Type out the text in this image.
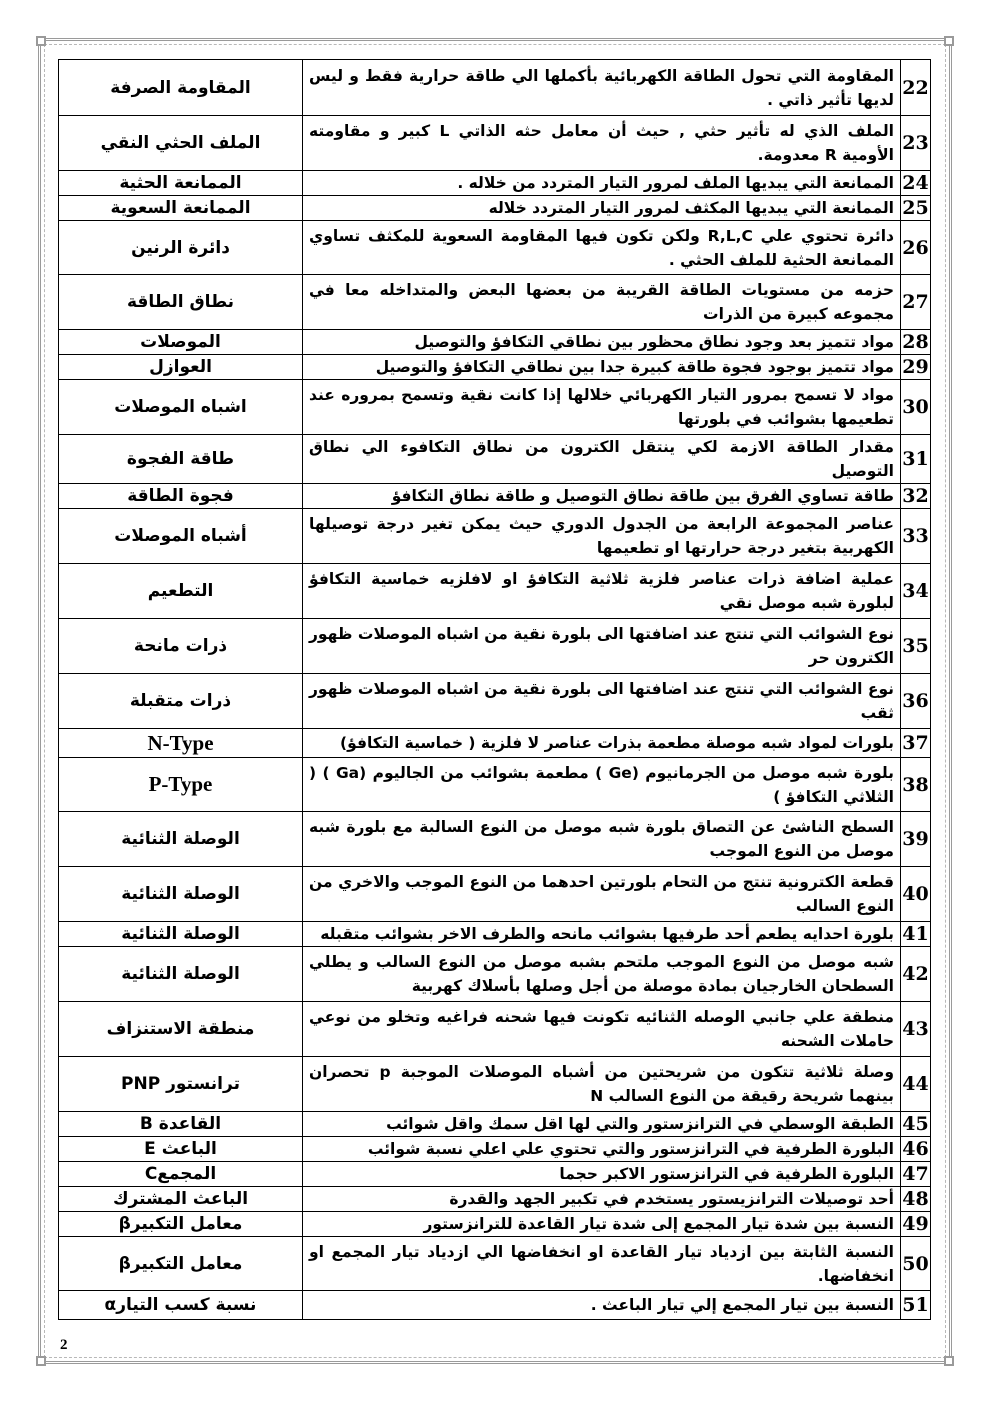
22	المقاومة التي تحول الطاقة الكهربائية بأكملها الي طاقة حرارية فقط و ليس لديها تأثير ذاتي .	المقاومة الصرفة
23	الملف الذي له تأثير حثي , حيث أن معامل حثه الذاتي L كبير و مقاومته الأومية R معدومة.	الملف الحثي النقي
24	الممانعة التي يبديها الملف لمرور التيار المتردد من خلاله .	الممانعة الحثية
25	الممانعة التي يبديها المكثف لمرور التيار المتردد خلاله	الممانعة السعوية
26	دائرة تحتوي علي R,L,C ولكن تكون فيها المقاومة السعوية للمكثف تساوي الممانعة الحثية للملف الحثي .	دائرة الرنين
27	حزمه من مستويات الطاقة القريبة من بعضها البعض والمتداخله معا في مجموعه كبيرة من الذرات	نطاق الطاقة
28	مواد تتميز بعد وجود نطاق محظور بين نطاقي التكافؤ والتوصيل	الموصلات
29	مواد تتميز بوجود فجوة طاقة كبيرة جدا بين نطاقي التكافؤ والتوصيل	العوازل
30	مواد لا تسمح بمرور التيار الكهربائي خلالها إذا كانت نقية وتسمح بمروره عند تطعيمها بشوائب في بلورتها	اشباه الموصلات
31	مقدار الطاقة الازمة لكي ينتقل الكترون من نطاق التكافوء الي نطاق التوصيل	طاقة الفجوة
32	طاقة تساوي الفرق بين طاقة نطاق التوصيل و طاقة نطاق التكافؤ	فجوة الطاقة
33	عناصر المجموعة الرابعة من الجدول الدوري حيث يمكن تغير درجة توصيلها الكهربية بتغير درجة حرارتها او تطعيمها	أشباه الموصلات
34	عملية اضافة ذرات عناصر فلزية ثلاثية التكافؤ او لافلزيه خماسية التكافؤ لبلورة شبه موصل نقي	التطعيم
35	نوع الشوائب التي تنتج عند اضافتها الى بلورة نقية من اشباه الموصلات ظهور الكترون حر	ذرات مانحة
36	نوع الشوائب التي تنتج عند اضافتها الى بلورة نقية من اشباه الموصلات ظهور ثقب	ذرات متقبلة
37	بلورات لمواد شبه موصلة مطعمة بذرات عناصر لا فلزية ( خماسية التكافؤ)	N-Type
38	بلورة شبه موصل من الجرمانيوم (Ge ) مطعمة بشوائب من الجاليوم (Ga ) ( الثلاثي التكافؤ )	P-Type
39	السطح الناشئ عن التصاق بلورة شبه موصل من النوع السالبة مع بلورة شبه موصل من النوع الموجب	الوصلة الثنائية
40	قطعة الكترونية تنتج من التحام بلورتين احدهما من النوع الموجب والاخري من النوع السالب	الوصلة الثنائية
41	بلورة احدايه يطعم أحد طرفيها بشوائب مانحه والطرف الاخر بشوائب متقبله	الوصلة الثنائية
42	شبه موصل من النوع الموجب ملتحم بشبه موصل من النوع السالب و يطلي السطحان الخارجيان بمادة موصلة من أجل وصلها بأسلاك كهربية	الوصلة الثنائية
43	منطقة علي جانبي الوصله الثنائيه تكونت فيها شحنه فراغيه وتخلو من نوعي حاملات الشحنه	منطقة الاستنزاف
44	وصلة ثلاثية تتكون من شريحتين من أشباه الموصلات الموجبة p تحصران بينهما شريحة رقيقة من النوع السالب N	ترانستور PNP
45	الطبقة الوسطي في الترانزستور والتي لها اقل سمك واقل شوائب	القاعدة B
46	البلورة الطرفية في الترانزستور والتي تحتوي علي اعلي نسبة شوائب	الباعث E
47	البلورة الطرفية في الترانزستور الاكبر حجما	المجمعC
48	أحد توصيلات الترانزيستور يستخدم في تكبير الجهد والقدرة	الباعث المشترك
49	النسبة بين شدة تيار المجمع إلى شدة تيار القاعدة للترانزستور	معامل التكبيرβ
50	النسبة الثابتة بين ازدياد تيار القاعدة او انخفاضها الي ازدياد تيار المجمع او انخفاضها.	معامل التكبيرβ
51	النسبة بين تيار المجمع إلي تيار الباعث .	نسبة كسب التيارα
2
